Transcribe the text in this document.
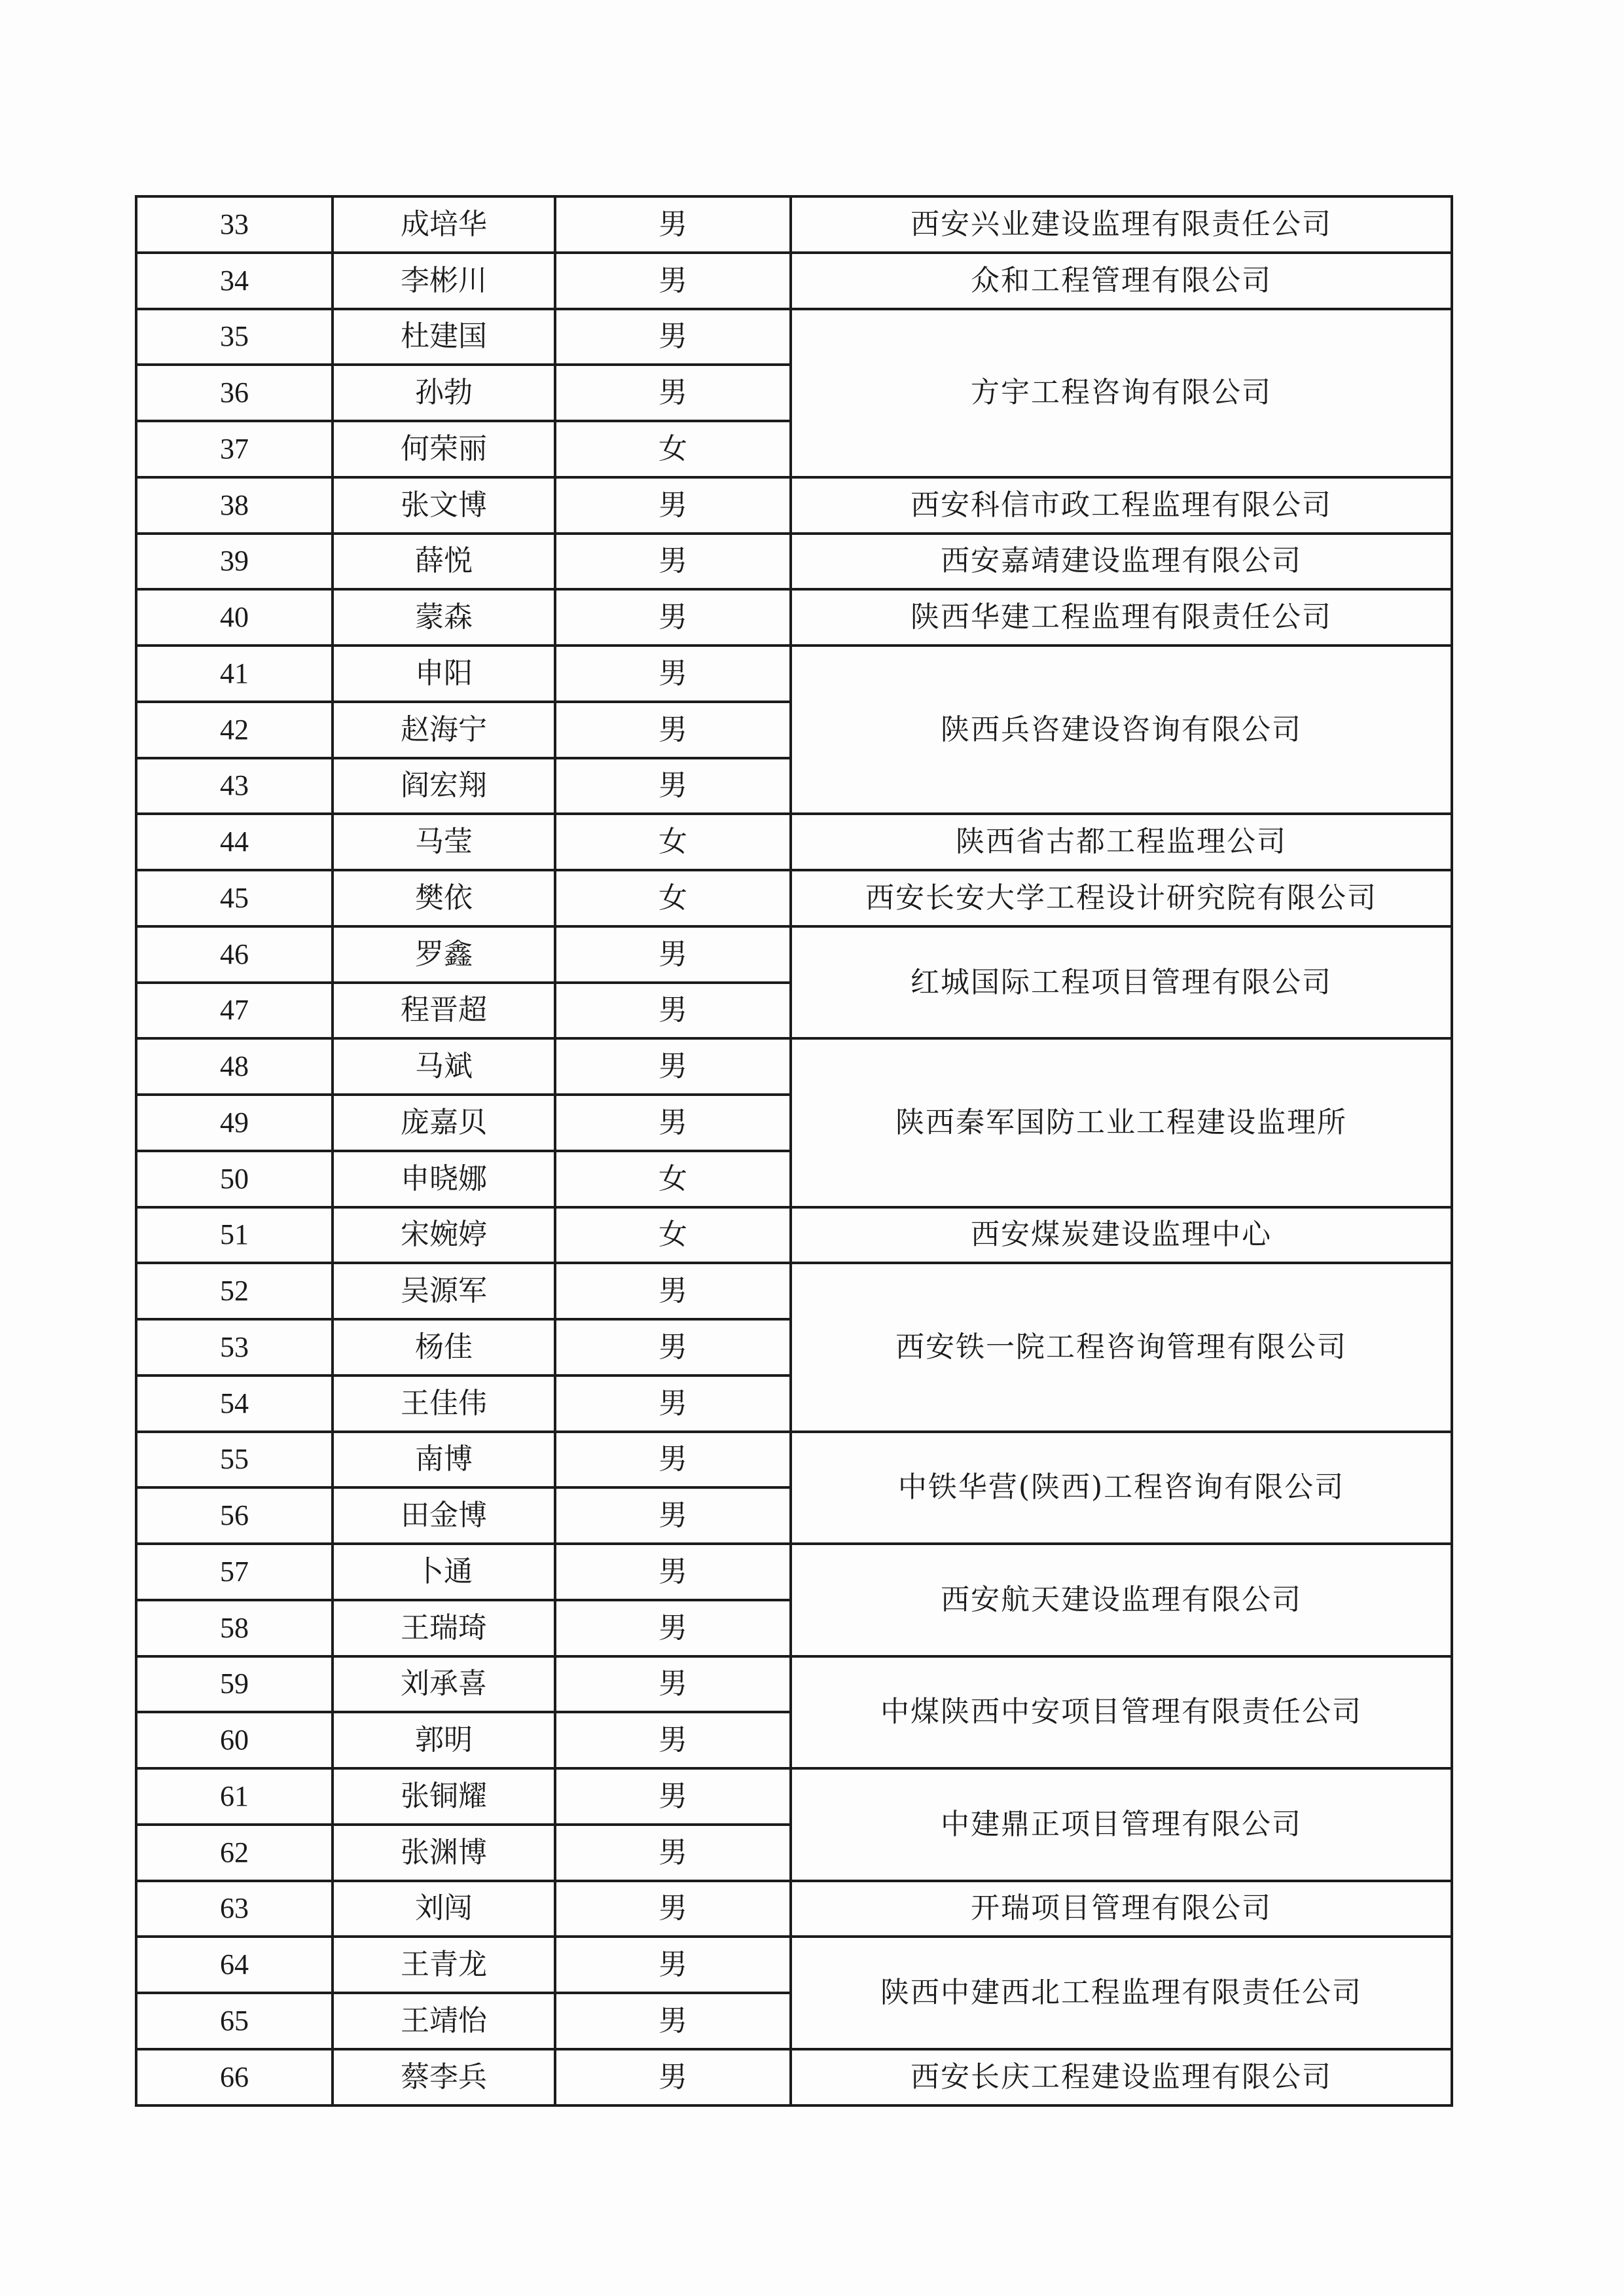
33	成培华	男	西安兴业建设监理有限责任公司
34	李彬川	男	众和工程管理有限公司
35	杜建国	男	方宇工程咨询有限公司
36	孙勃	男	
37	何荣丽	女	
38	张文博	男	西安科信市政工程监理有限公司
39	薛悦	男	西安嘉靖建设监理有限公司
40	蒙森	男	陕西华建工程监理有限责任公司
41	申阳	男	陕西兵咨建设咨询有限公司
42	赵海宁	男	
43	阎宏翔	男	
44	马莹	女	陕西省古都工程监理公司
45	樊依	女	西安长安大学工程设计研究院有限公司
46	罗鑫	男	红城国际工程项目管理有限公司
47	程晋超	男	
48	马斌	男	陕西秦军国防工业工程建设监理所
49	庞嘉贝	男	
50	申晓娜	女	
51	宋婉婷	女	西安煤炭建设监理中心
52	吴源军	男	西安铁一院工程咨询管理有限公司
53	杨佳	男	
54	王佳伟	男	
55	南博	男	中铁华营(陕西)工程咨询有限公司
56	田金博	男	
57	卜通	男	西安航天建设监理有限公司
58	王瑞琦	男	
59	刘承喜	男	中煤陕西中安项目管理有限责任公司
60	郭明	男	
61	张铜耀	男	中建鼎正项目管理有限公司
62	张渊博	男	
63	刘闯	男	开瑞项目管理有限公司
64	王青龙	男	陕西中建西北工程监理有限责任公司
65	王靖怡	男	
66	蔡李兵	男	西安长庆工程建设监理有限公司
